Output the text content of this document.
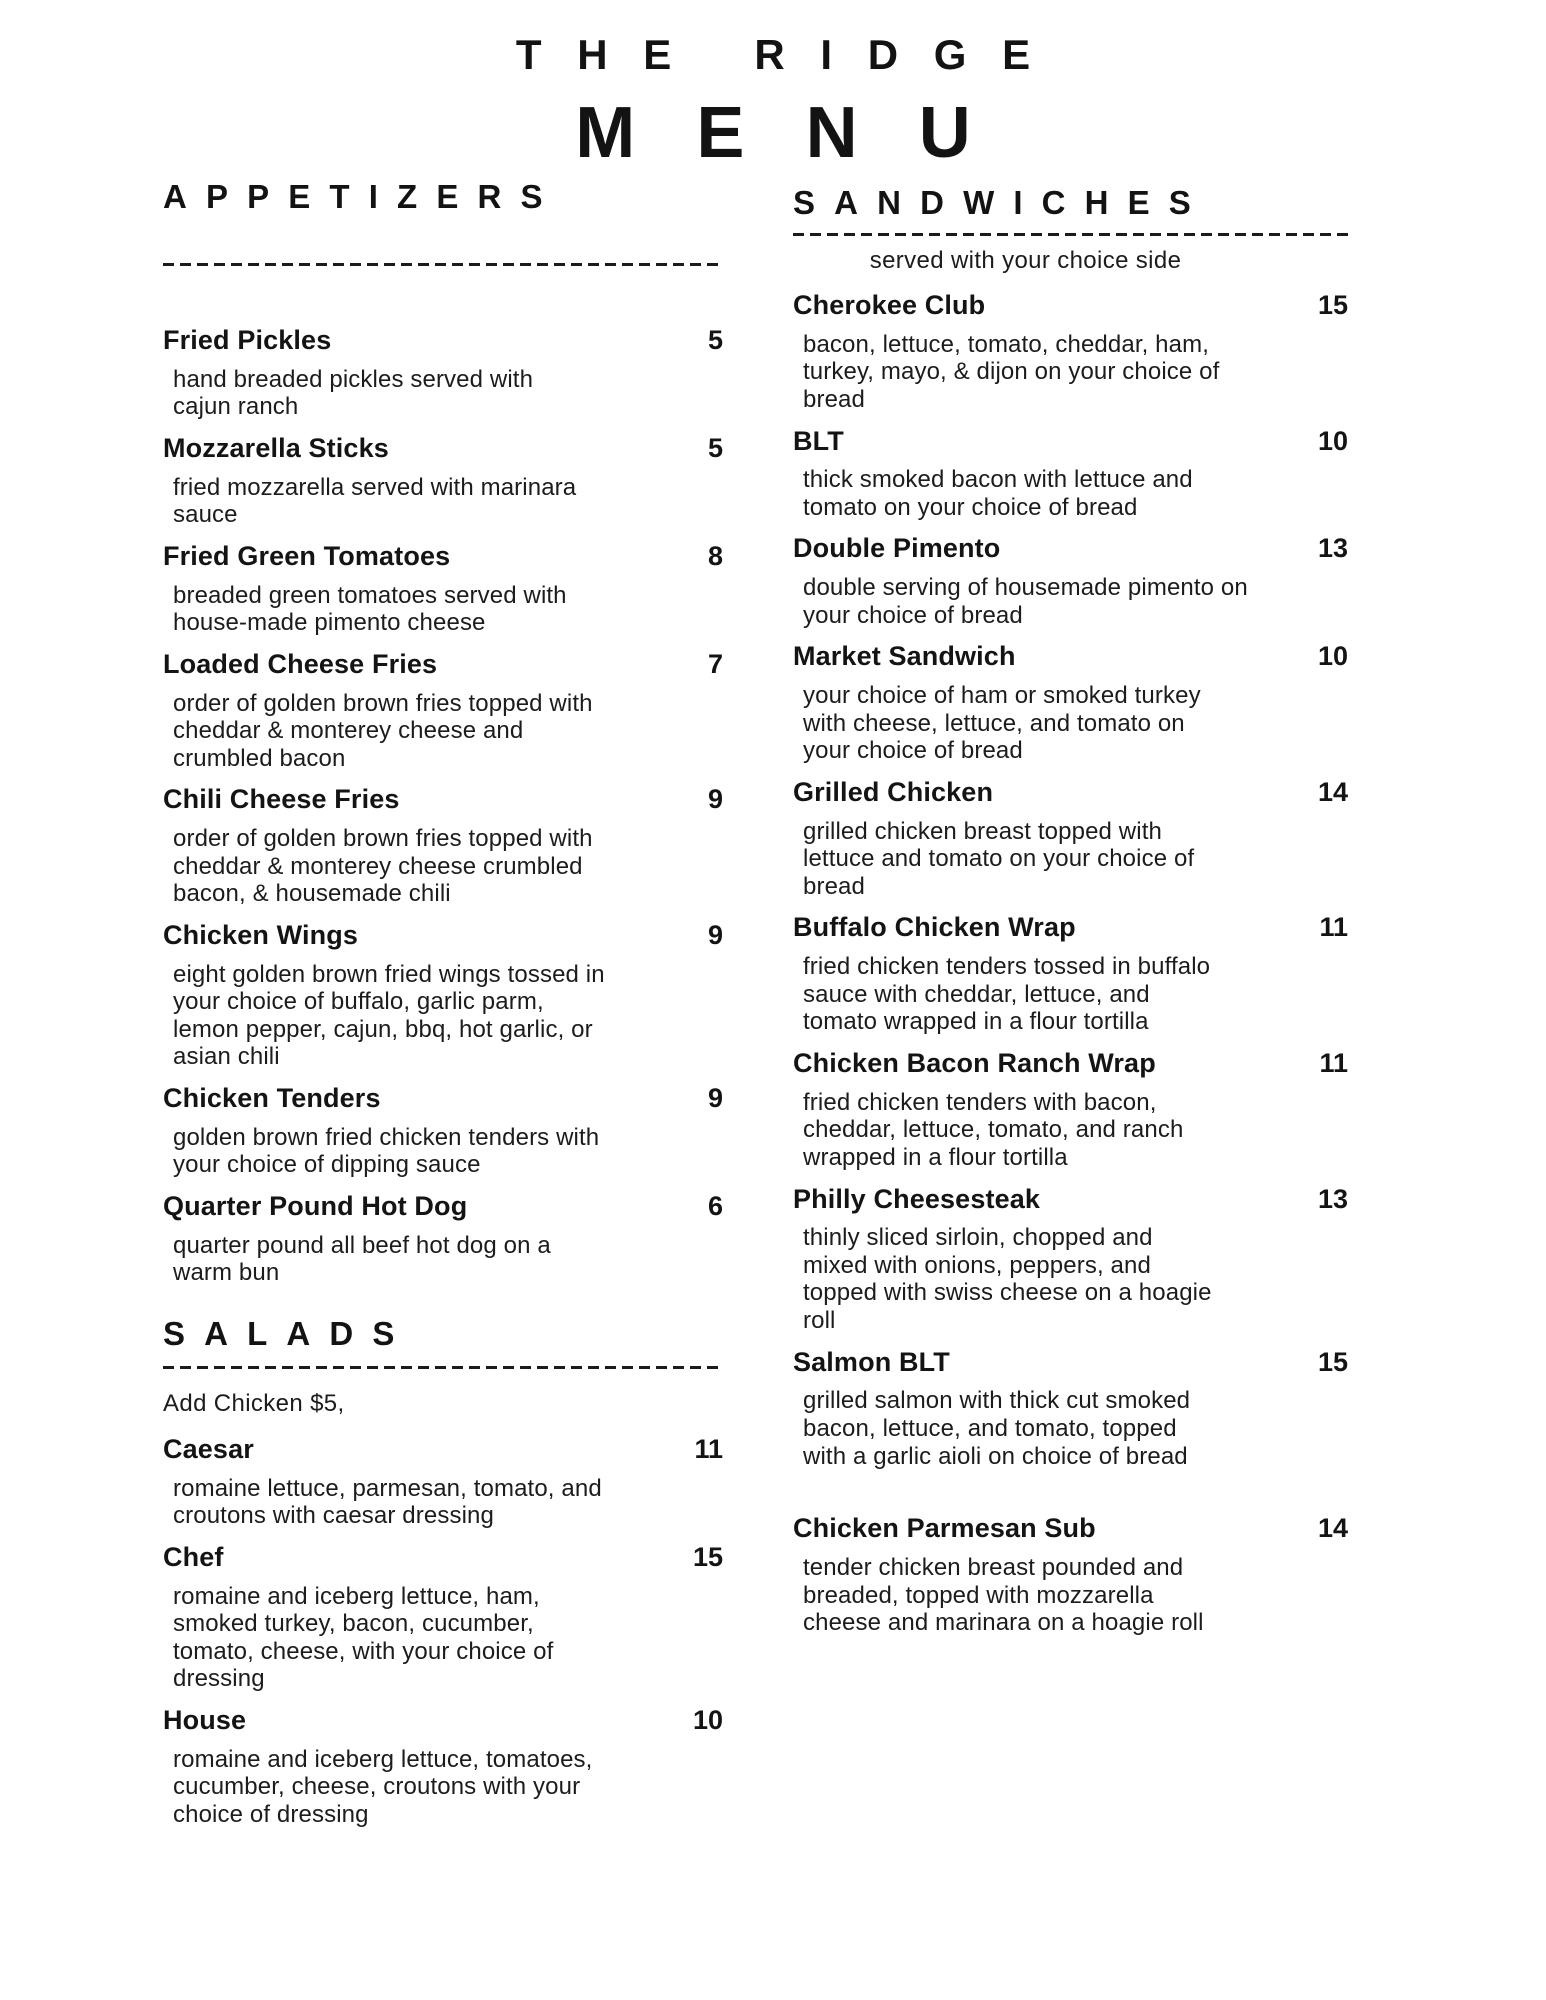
THE RIDGE
MENU
APPETIZERS
Fried Pickles	5

hand breaded pickles served with
cajun ranch

Mozzarella Sticks	5

fried mozzarella served with marinara
sauce

Fried Green Tomatoes	8

breaded green tomatoes served with
house-made pimento cheese

Loaded Cheese Fries	7

order of golden brown fries topped with
cheddar & monterey cheese and
crumbled bacon

Chili Cheese Fries	9

order of golden brown fries topped with
cheddar & monterey cheese crumbled
bacon, & housemade chili

Chicken Wings	9

eight golden brown fried wings tossed in
your choice of buffalo, garlic parm,
lemon pepper, cajun, bbq, hot garlic, or
asian chili

Chicken Tenders	9

golden brown fried chicken tenders with
your choice of dipping sauce

Quarter Pound Hot Dog	6

quarter pound all beef hot dog on a
warm bun

SALADS
Add Chicken $5,
Caesar	11

romaine lettuce, parmesan, tomato, and
croutons with caesar dressing

Chef	15

romaine and iceberg lettuce, ham,
smoked turkey, bacon, cucumber,
tomato, cheese, with your choice of
dressing

House	10

romaine and iceberg lettuce, tomatoes,
cucumber, cheese, croutons with your
choice of dressing

SANDWICHES
served with your choice side
Cherokee Club	15

bacon, lettuce, tomato, cheddar, ham,
turkey, mayo, & dijon on your choice of
bread

BLT	10

thick smoked bacon with lettuce and
tomato on your choice of bread

Double Pimento	13

double serving of housemade pimento on
your choice of bread

Market Sandwich	10

your choice of ham or smoked turkey
with cheese, lettuce, and tomato on
your choice of bread

Grilled Chicken	14

grilled chicken breast topped with
lettuce and tomato on your choice of
bread

Buffalo Chicken Wrap	11

fried chicken tenders tossed in buffalo
sauce with cheddar, lettuce, and
tomato wrapped in a flour tortilla

Chicken Bacon Ranch Wrap	11

fried chicken tenders with bacon,
cheddar, lettuce, tomato, and ranch
wrapped in a flour tortilla

Philly Cheesesteak	13

thinly sliced sirloin, chopped and
mixed with onions, peppers, and
topped with swiss cheese on a hoagie
roll

Salmon BLT	15

grilled salmon with thick cut smoked
bacon, lettuce, and tomato, topped
with a garlic aioli on choice of bread

Chicken Parmesan Sub	14

tender chicken breast pounded and
breaded, topped with mozzarella
cheese and marinara on a hoagie roll
